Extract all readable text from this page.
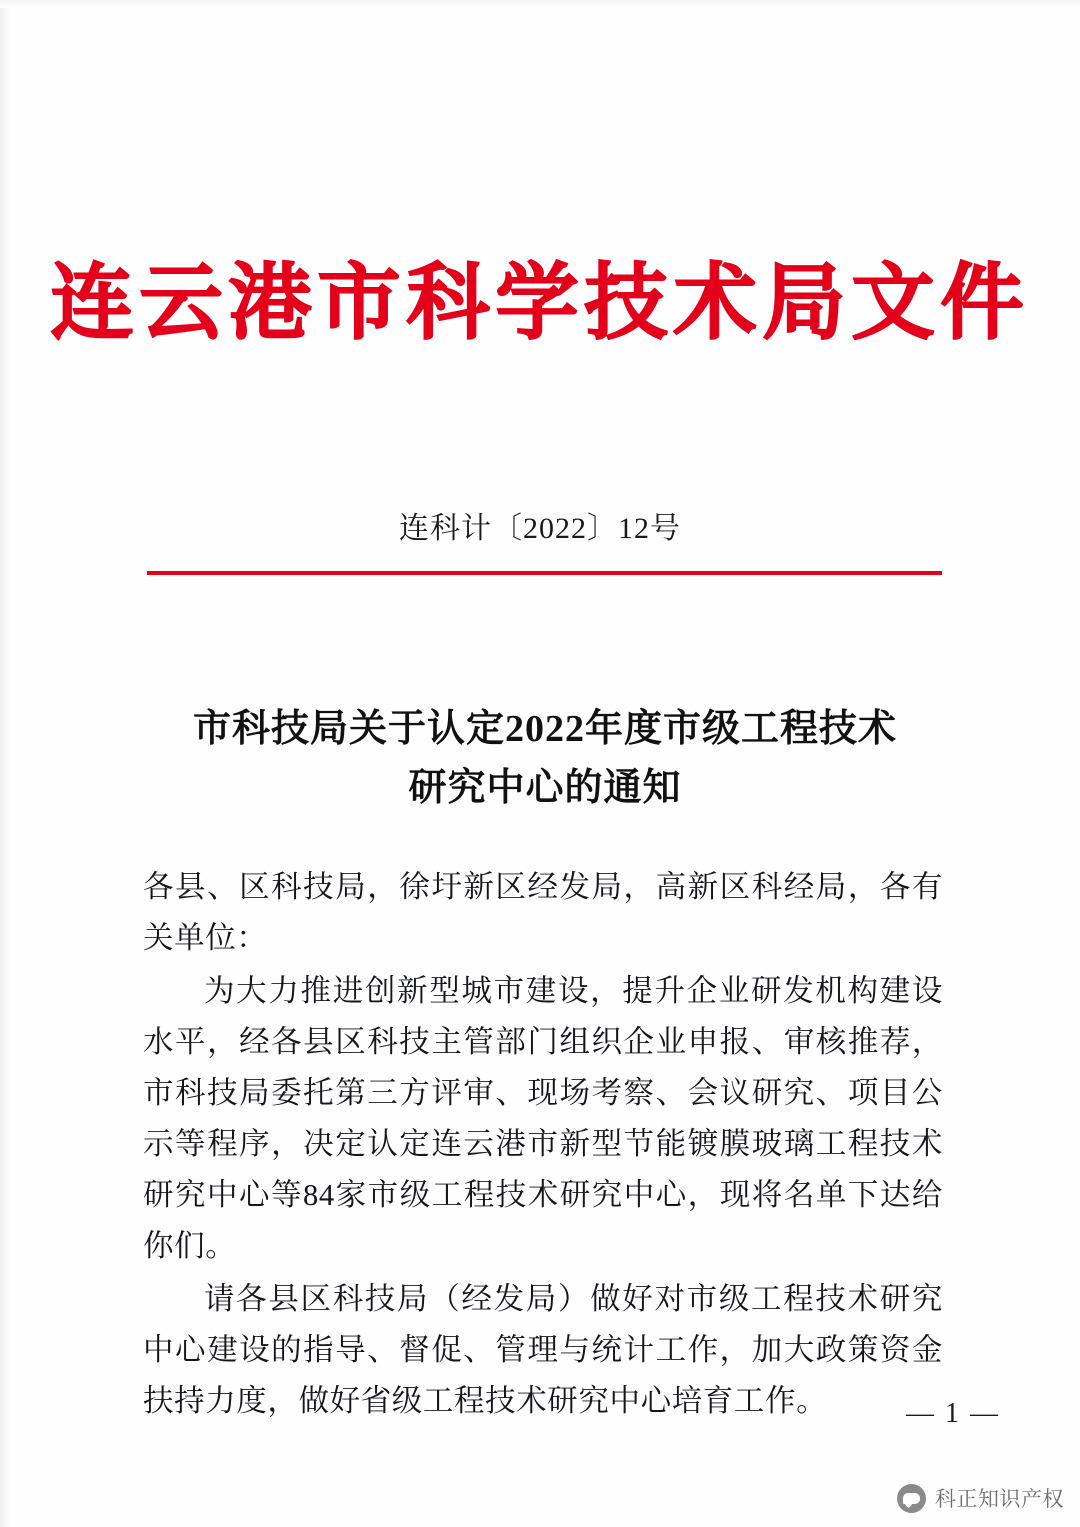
连云港市科学技术局文件
连科计〔2022〕12号
市科技局关于认定2022年度市级工程技术
研究中心的通知

各县、区科技局，徐圩新区经发局，高新区科经局，各有关单位：

为大力推进创新型城市建设，提升企业研发机构建设水平，经各县区科技主管部门组织企业申报、审核推荐，市科技局委托第三方评审、现场考察、会议研究、项目公示等程序，决定认定连云港市新型节能镀膜玻璃工程技术研究中心等84家市级工程技术研究中心，现将名单下达给你们。

请各县区科技局（经发局）做好对市级工程技术研究中心建设的指导、督促、管理与统计工作，加大政策资金扶持力度，做好省级工程技术研究中心培育工作。	— 1 —
科正知识产权
